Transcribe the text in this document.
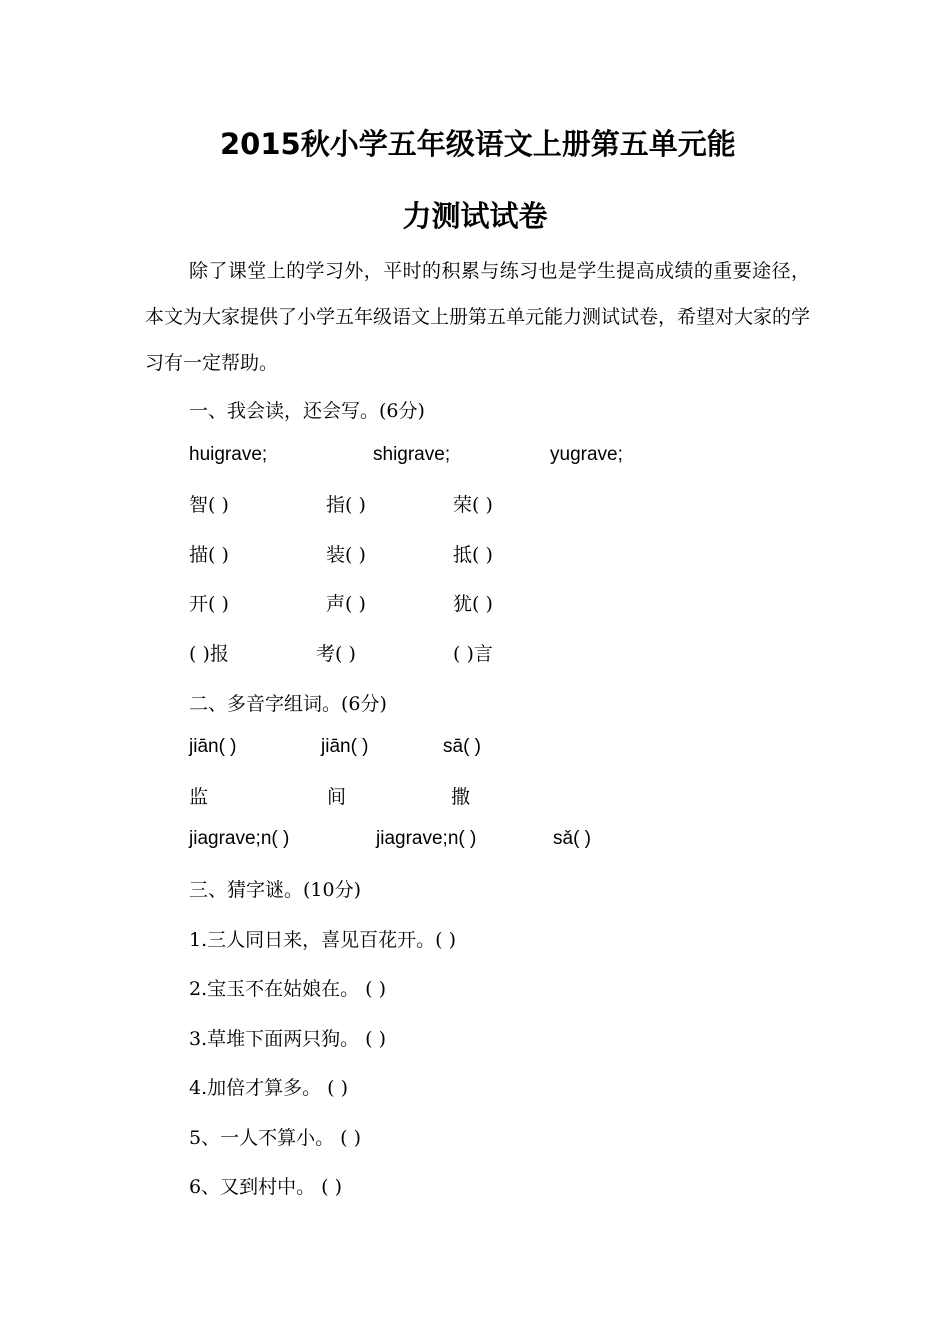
2015秋小学五年级语文上册第五单元能
力测试试卷
除了课堂上的学习外，平时的积累与练习也是学生提高成绩的重要途径，本文为大家提供了小学五年级语文上册第五单元能力测试试卷，希望对大家的学习有一定帮助。
一、我会读，还会写。(6分)
huigrave;	shigrave;	yugrave;
智( )	指( )	荣( )
描( )	装( )	抵( )
开( )	声( )	犹( )
( )报	考( )	( )言
二、多音字组词。(6分)
jiān( )	jiān( )	sā( )
监	间	撒
jiagrave;n( )	jiagrave;n( )	sǎ( )
三、猜字谜。(10分)
1.三人同日来，喜见百花开。( )
2.宝玉不在姑娘在。 ( )
3.草堆下面两只狗。 ( )
4.加倍才算多。 ( )
5、一人不算小。 ( )
6、又到村中。 ( )
